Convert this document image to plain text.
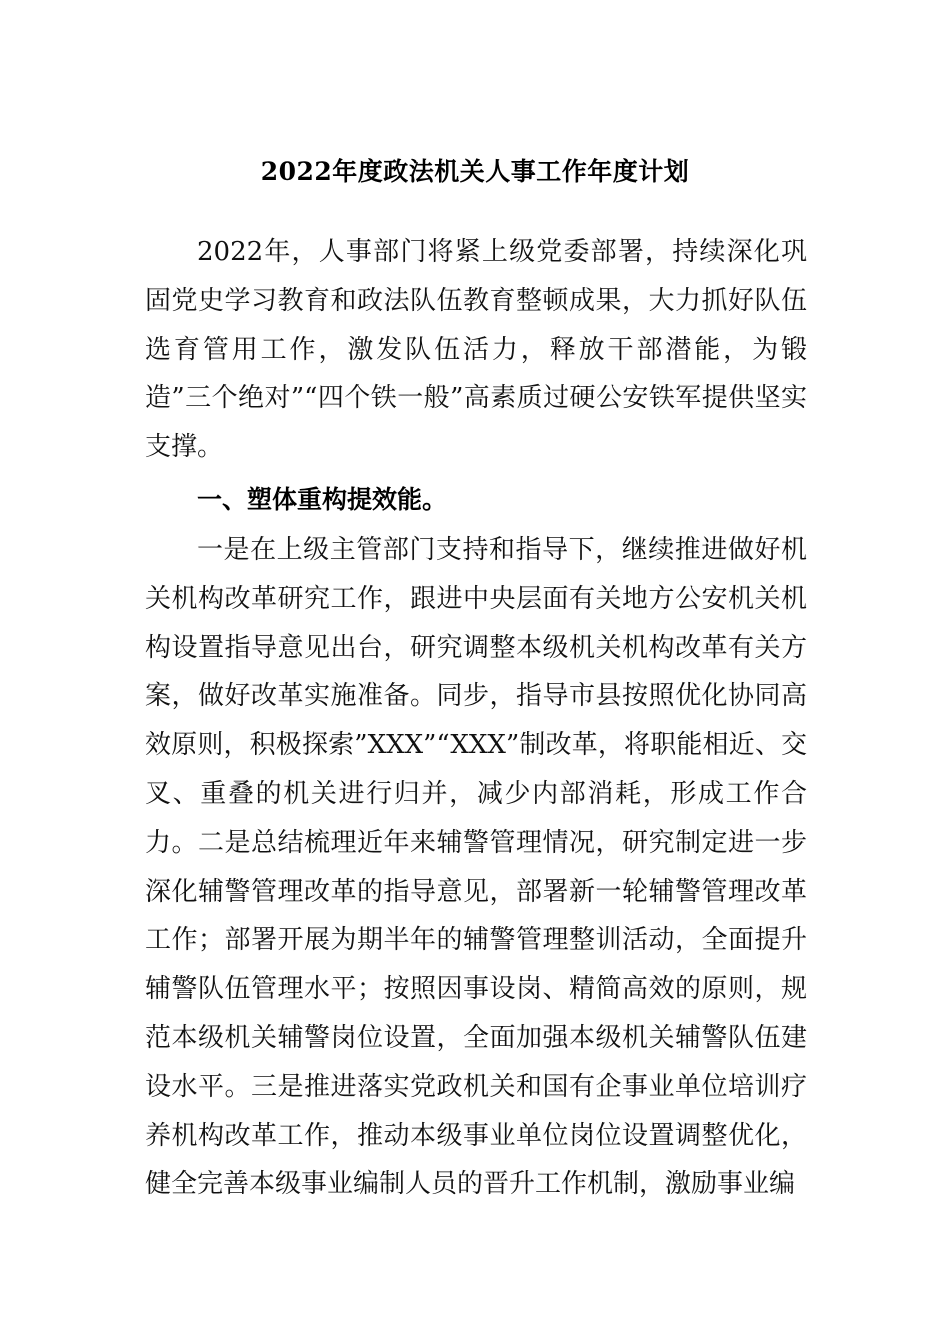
2022年度政法机关人事工作年度计划

2022年，人事部门将紧上级党委部署，持续深化巩固党史学习教育和政法队伍教育整顿成果，大力抓好队伍选育管用工作，激发队伍活力，释放干部潜能，为锻造”三个绝对”“四个铁一般”高素质过硬公安铁军提供坚实支撑。

一、塑体重构提效能。

一是在上级主管部门支持和指导下，继续推进做好机关机构改革研究工作，跟进中央层面有关地方公安机关机构设置指导意见出台，研究调整本级机关机构改革有关方案，做好改革实施准备。同步，指导市县按照优化协同高效原则，积极探索”XXX”“XXX”制改革，将职能相近、交叉、重叠的机关进行归并，减少内部消耗，形成工作合力。二是总结梳理近年来辅警管理情况，研究制定进一步深化辅警管理改革的指导意见，部署新一轮辅警管理改革工作；部署开展为期半年的辅警管理整训活动，全面提升辅警队伍管理水平；按照因事设岗、精简高效的原则，规范本级机关辅警岗位设置，全面加强本级机关辅警队伍建设水平。三是推进落实党政机关和国有企事业单位培训疗养机构改革工作，推动本级事业单位岗位设置调整优化，健全完善本级事业编制人员的晋升工作机制，激励事业编
